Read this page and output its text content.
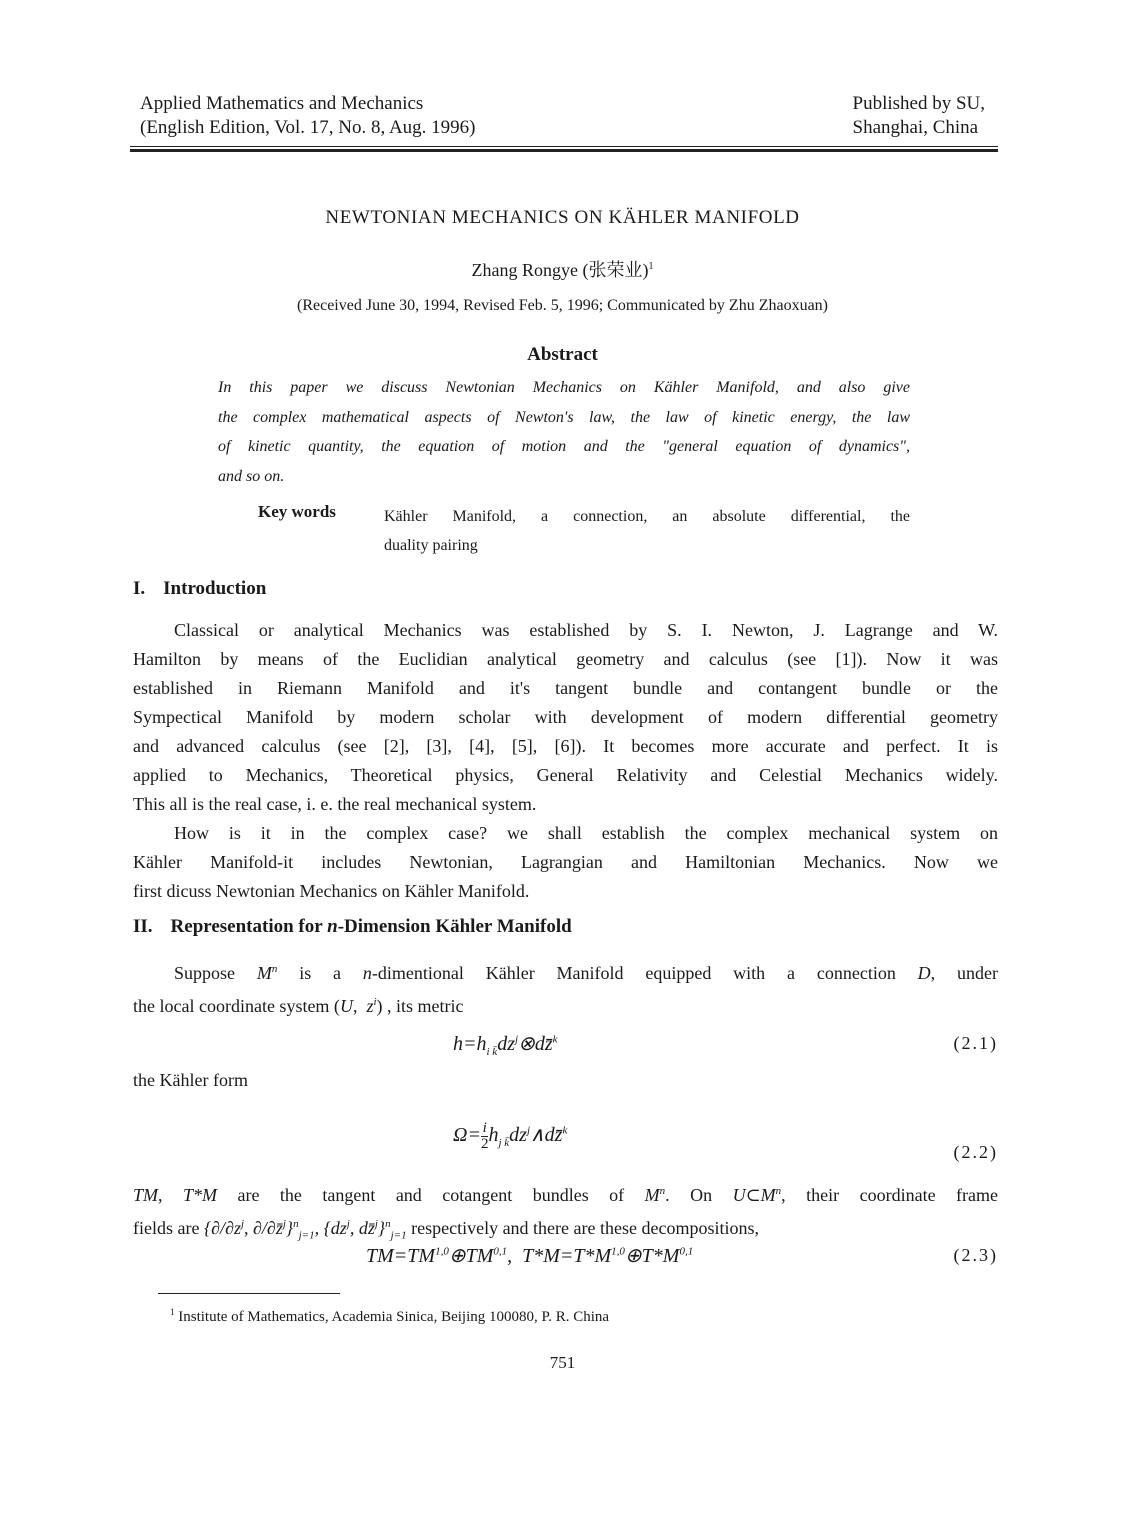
Applied Mathematics and Mechanics
(English Edition, Vol. 17, No. 8, Aug. 1996)
Published by SU,
Shanghai, China
NEWTONIAN MECHANICS ON KÄHLER MANIFOLD
Zhang Rongye (张荣业)$^1$
(Received June 30, 1994, Revised Feb. 5, 1996; Communicated by Zhu Zhaoxuan)
Abstract
In this paper we discuss Newtonian Mechanics on Kähler Manifold, and also give
the complex mathematical aspects of Newton's law, the law of kinetic energy, the law
of kinetic quantity, the equation of motion and the "general equation of dynamics",
and so on.
Key words	Kähler Manifold, a connection, an absolute differential, the
duality pairing
I. Introduction
Classical or analytical Mechanics was established by S. I. Newton, J. Lagrange and W.
Hamilton by means of the Euclidian analytical geometry and calculus (see [1]). Now it was
established in Riemann Manifold and it's tangent bundle and contangent bundle or the
Sympectical Manifold by modern scholar with development of modern differential geometry
and advanced calculus (see [2], [3], [4], [5], [6]). It becomes more accurate and perfect. It is
applied to Mechanics, Theoretical physics, General Relativity and Celestial Mechanics widely.
This all is the real case, i. e. the real mechanical system.
How is it in the complex case? we shall establish the complex mechanical system on
Kähler Manifold-it includes Newtonian, Lagrangian and Hamiltonian Mechanics. Now we
first dicuss Newtonian Mechanics on Kähler Manifold.
II. Representation for n-Dimension Kähler Manifold
Suppose $M^n$ is a n-dimentional Kähler Manifold equipped with a connection D, under
the local coordinate system (U,  $z^i$) , its metric
$h=h_{i k̄}dz^j\otimes dz̄^k$	(2.1)
the Kähler form
$\Omega= \frac{i}{2}$ $h_{j k̄}dz^j\wedge dz̄^k$
(2.2)
TM, T*M are the tangent and cotangent bundles of $M^n$. On $U\subset M^n$, their coordinate frame
fields are {$\partial/\partial z^j$, ∂/∂z̄$^j$}$^n_{j=1}$, {$dz^j$, dz̄$^j$}$^n_{j=1}$ respectively and there are these decompositions,
TM=TM$^{1,0}$⊕TM$^{0,1}$,  $T*M=T*M^{1,0}\oplus T*M^{0,1}$	(2.3)
$^1$ Institute of Mathematics, Academia Sinica, Beijing 100080, P. R. China
751
